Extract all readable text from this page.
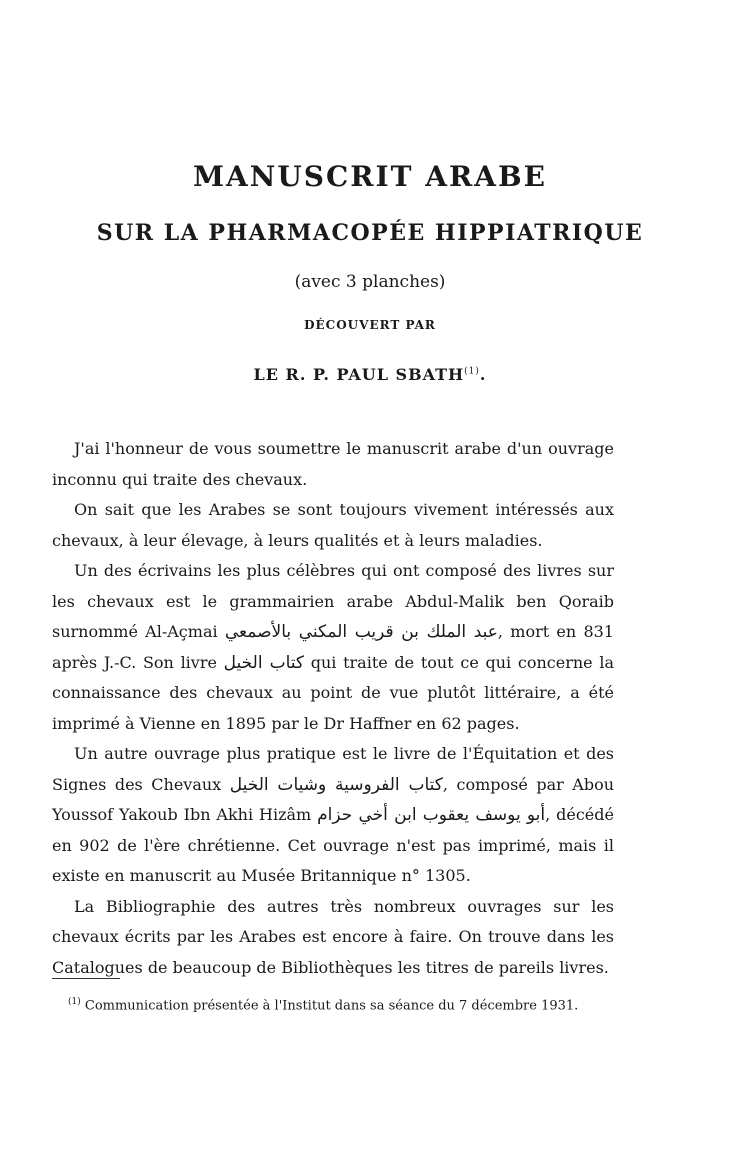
MANUSCRIT ARABE
SUR LA PHARMACOPÉE HIPPIATRIQUE
(avec 3 planches)
DÉCOUVERT PAR
LE R. P. PAUL SBATH$^{(1)}$.

J'ai l'honneur de vous soumettre le manuscrit arabe d'un ouvrage inconnu qui traite des chevaux.

On sait que les Arabes se sont toujours vivement intéressés aux chevaux, à leur élevage, à leurs qualités et à leurs maladies.

Un des écrivains les plus célèbres qui ont composé des livres sur les chevaux est le grammairien arabe Abdul-Malik ben Qoraib surnommé Al-Açmai عبد الملك بن قريب المكني بالأصمعي, mort en 831 après J.-C. Son livre كتاب الخيل qui traite de tout ce qui concerne la connaissance des chevaux au point de vue plutôt littéraire, a été imprimé à Vienne en 1895 par le Dr Haffner en 62 pages.

Un autre ouvrage plus pratique est le livre de l'Équitation et des Signes des Chevaux كتاب الفروسية وشيات الخيل, composé par Abou Youssof Yakoub Ibn Akhi Hizâm أبو يوسف يعقوب ابن أخي حزام, décédé en 902 de l'ère chrétienne. Cet ouvrage n'est pas imprimé, mais il existe en manuscrit au Musée Britannique n° 1305.

La Bibliographie des autres très nombreux ouvrages sur les chevaux écrits par les Arabes est encore à faire. On trouve dans les Catalogues de beaucoup de Bibliothèques les titres de pareils livres.

$^{(1)}$ Communication présentée à l'Institut dans sa séance du 7 décembre 1931.
